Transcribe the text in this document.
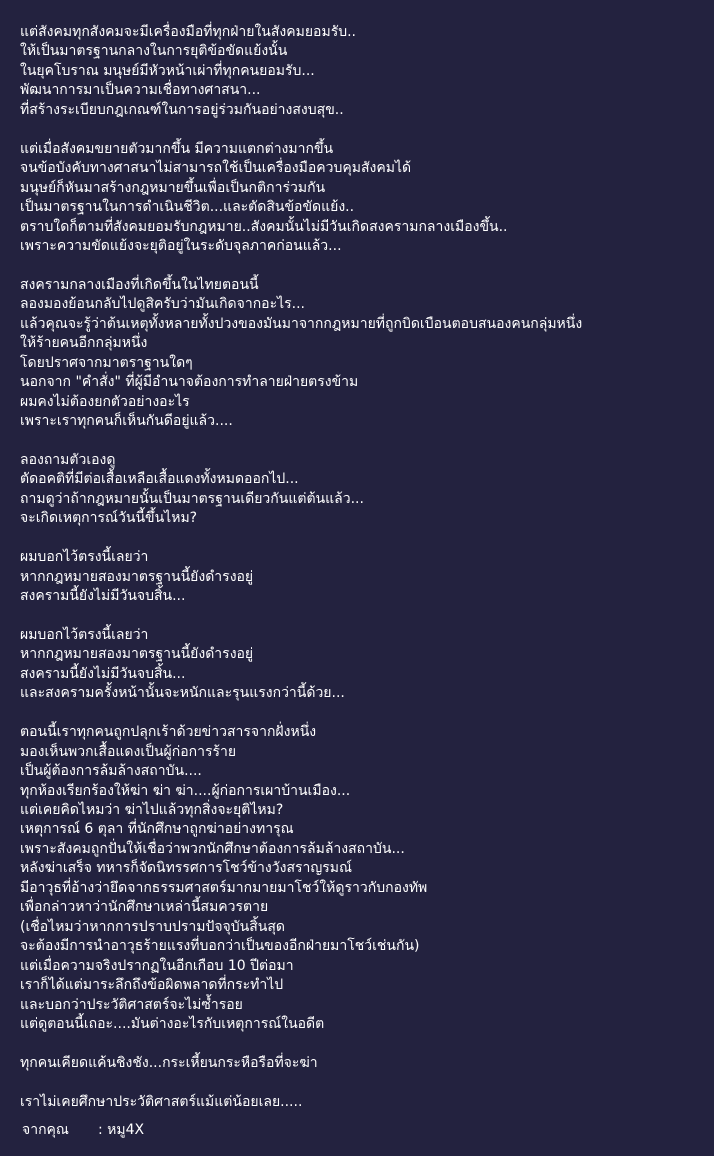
แต่สังคมทุกสังคมจะมีเครื่องมือที่ทุกฝ่ายในสังคมยอมรับ..
ให้เป็นมาตรฐานกลางในการยุติข้อขัดแย้งนั้น
ในยุคโบราณ มนุษย์มีหัวหน้าเผ่าที่ทุกคนยอมรับ...
พัฒนาการมาเป็นความเชื่อทางศาสนา...
ที่สร้างระเบียบกฎเกณฑ์ในการอยู่ร่วมกันอย่างสงบสุข..
แต่เมื่อสังคมขยายตัวมากขึ้น มีความแตกต่างมากขึ้น
จนข้อบังคับทางศาสนาไม่สามารถใช้เป็นเครื่องมือควบคุมสังคมได้
มนุษย์ก็หันมาสร้างกฎหมายขึ้นเพื่อเป็นกติการ่วมกัน
เป็นมาตรฐานในการดำเนินชีวิต...และตัดสินข้อขัดแย้ง..
ตราบใดก็ตามที่สังคมยอมรับกฎหมาย..สังคมนั้นไม่มีวันเกิดสงครามกลางเมืองขึ้น..
เพราะความขัดแย้งจะยุติอยู่ในระดับจุลภาคก่อนแล้ว...
สงครามกลางเมืองที่เกิดขึ้นในไทยตอนนี้
ลองมองย้อนกลับไปดูสิครับว่ามันเกิดจากอะไร...
แล้วคุณจะรู้ว่าต้นเหตุทั้งหลายทั้งปวงของมันมาจากกฎหมายที่ถูกบิดเบือนตอบสนองคนกลุ่มหนึ่ง
ให้ร้ายคนอีกกลุ่มหนึ่ง
โดยปราศจากมาตราฐานใดๆ
นอกจาก "คำสั่ง" ที่ผู้มีอำนาจต้องการทำลายฝ่ายตรงข้าม
ผมคงไม่ต้องยกตัวอย่างอะไร
เพราะเราทุกคนก็เห็นกันดีอยู่แล้ว....
ลองถามตัวเองดู
ตัดอคติที่มีต่อเสื้อเหลือเสื้อแดงทั้งหมดออกไป...
ถามดูว่าถ้ากฎหมายนั้นเป็นมาตรฐานเดียวกันแต่ต้นแล้ว...
จะเกิดเหตุการณ์วันนี้ขึ้นไหม?
ผมบอกไว้ตรงนี้เลยว่า
หากกฎหมายสองมาตรฐานนี้ยังดำรงอยู่
สงครามนี้ยังไม่มีวันจบสิ้น...
ผมบอกไว้ตรงนี้เลยว่า
หากกฎหมายสองมาตรฐานนี้ยังดำรงอยู่
สงครามนี้ยังไม่มีวันจบสิ้น...
และสงครามครั้งหน้านั้นจะหนักและรุนแรงกว่านี้ด้วย...
ตอนนี้เราทุกคนถูกปลุกเร้าด้วยข่าวสารจากฝั่งหนึ่ง
มองเห็นพวกเสื้อแดงเป็นผู้ก่อการร้าย
เป็นผู้ต้องการล้มล้างสถาบัน....
ทุกห้องเรียกร้องให้ฆ่า ฆ่า ฆ่า....ผู้ก่อการเผาบ้านเมือง...
แต่เคยคิดไหมว่า ฆ่าไปแล้วทุกสิ่งจะยุติไหม?
เหตุการณ์ 6 ตุลา ที่นักศึกษาถูกฆ่าอย่างทารุณ
เพราะสังคมถูกปั่นให้เชื่อว่าพวกนักศึกษาต้องการล้มล้างสถาบัน...
หลังฆ่าเสร็จ ทหารก็จัดนิทรรศการโชว์ข้างวังสราญรมณ์
มีอาวุธที่อ้างว่ายึดจากธรรมศาสตร์มากมายมาโชว์ให้ดูราวกับกองทัพ
เพื่อกล่าวหาว่านักศึกษาเหล่านี้สมควรตาย
(เชื่อไหมว่าหากการปราบปรามปัจจุบันสิ้นสุด
จะต้องมีการนำอาวุธร้ายแรงที่บอกว่าเป็นของอีกฝ่ายมาโชว์เช่นกัน)
แต่เมื่อความจริงปรากฏในอีกเกือบ 10 ปีต่อมา
เราก็ได้แต่มาระลึกถึงข้อผิดพลาดที่กระทำไป
และบอกว่าประวัติศาสตร์จะไม่ซ้ำรอย
แต่ดูตอนนี้เถอะ....มันต่างอะไรกับเหตุการณ์ในอดีต
ทุกคนเคียดแค้นชิงชัง...กระเหี้ยนกระหือรือที่จะฆ่า
เราไม่เคยศึกษาประวัติศาสตร์แม้แต่น้อยเลย.....
จากคุณ : หมู4X
